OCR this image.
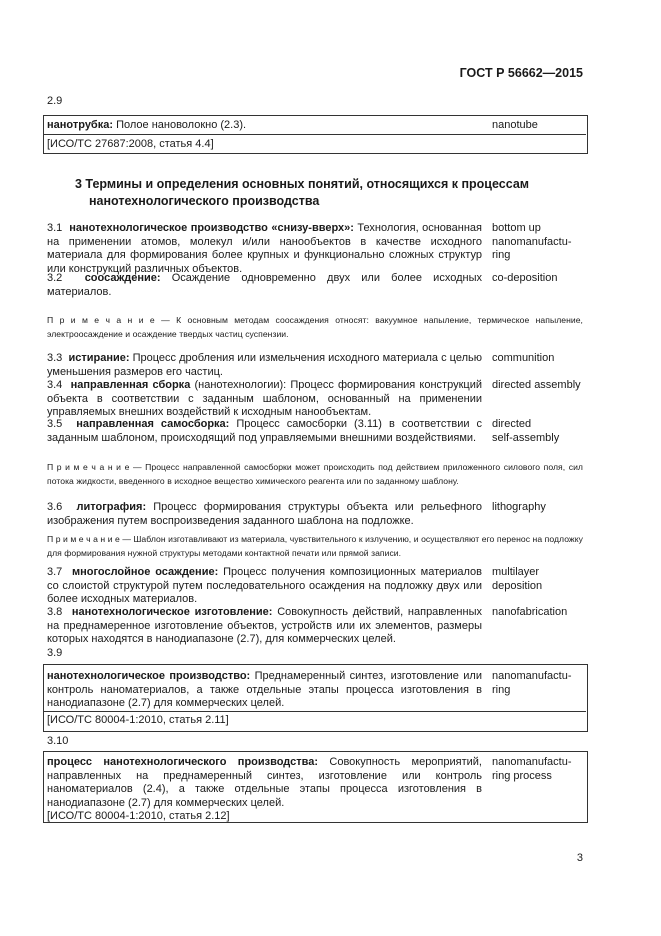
ГОСТ Р 56662—2015
2.9
нанотрубка: Полое нановолокно (2.3).	nanotube
[ИСО/ТС 27687:2008, статья 4.4]
3 Термины и определения основных понятий, относящихся к процессам
нанотехнологического производства
3.1 нанотехнологическое производство «снизу-вверх»: Технология, основанная на применении атомов, молекул и/или нанообъектов в качестве исходного материала для формирования более крупных и функционально сложных структур или конструкций различных объектов.
bottom up
nanomanufactu-
ring
3.2 соосаждение: Осаждение одновременно двух или более исходных материалов.
co-deposition
П р и м е ч а н и е — К основным методам соосаждения относят: вакуумное напыление, термическое напыление, электроосаждение и осаждение твердых частиц суспензии.
3.3 истирание: Процесс дробления или измельчения исходного материала с целью уменьшения размеров его частиц.
communition
3.4 направленная сборка (нанотехнологии): Процесс формирования конструкций объекта в соответствии с заданным шаблоном, основанный на применении управляемых внешних воздействий к исходным нанообъектам.
directed assembly
3.5 направленная самосборка: Процесс самосборки (3.11) в соответствии с заданным шаблоном, происходящий под управляемыми внешними воздействиями.
directed
self-assembly
П р и м е ч а н и е — Процесс направленной самосборки может происходить под действием приложенного силового поля, сил потока жидкости, введенного в исходное вещество химического реагента или по заданному шаблону.
3.6 литография: Процесс формирования структуры объекта или рельефного изображения путем воспроизведения заданного шаблона на подложке.
lithography
П р и м е ч а н и е — Шаблон изготавливают из материала, чувствительного к излучению, и осуществляют его перенос на подложку для формирования нужной структуры методами контактной печати или прямой записи.
3.7 многослойное осаждение: Процесс получения композиционных материалов со слоистой структурой путем последовательного осаждения на подложку двух или более исходных материалов.
multilayer
deposition
3.8 нанотехнологическое изготовление: Совокупность действий, направленных на преднамеренное изготовление объектов, устройств или их элементов, размеры которых находятся в нанодиапазоне (2.7), для коммерческих целей.
nanofabrication
3.9
нанотехнологическое производство: Преднамеренный синтез, изготовление или контроль наноматериалов, а также отдельные этапы процесса изготовления в нанодиапазоне (2.7) для коммерческих целей.
nanomanufactu-
ring
[ИСО/ТС 80004-1:2010, статья 2.11]
3.10
процесс нанотехнологического производства: Совокупность мероприятий, направленных на преднамеренный синтез, изготовление или контроль наноматериалов (2.4), а также отдельные этапы процесса изготовления в нанодиапазоне (2.7) для коммерческих целей.
[ИСО/ТС 80004-1:2010, статья 2.12]
nanomanufactu-
ring process
3
